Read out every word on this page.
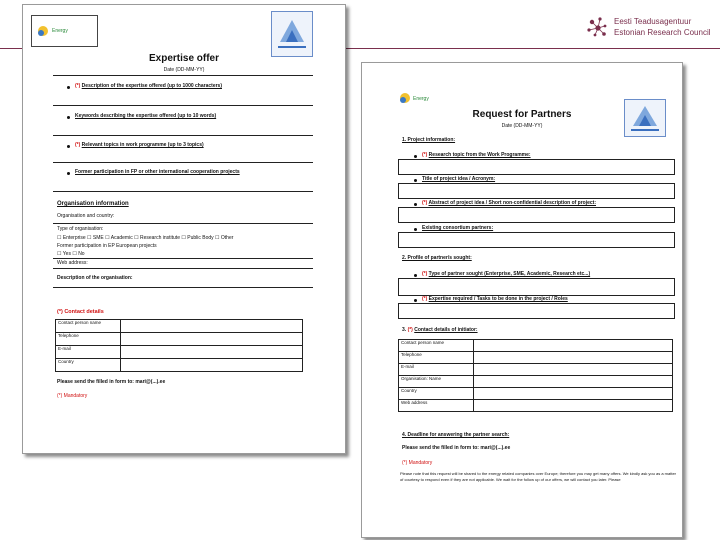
Eesti Teadusagentuur
Estonian Research Council
Energy
Expertise offer
Date (DD-MM-YY)
(*) Description of the expertise offered (up to 1000 characters)
Keywords describing the expertise offered (up to 10 words)
(*) Relevant topics in work programme (up to 3 topics)
Former participation in FP or other international cooperation projects
Organisation information
Organisation and country:
Type of organisation:
☐ Enterprise ☐ SME ☐ Academic ☐ Research institute ☐ Public Body ☐ Other
Former participation in EP European projects
☐ Yes ☐ No
Web address:
Description of the organisation:
(*) Contact details
Contact person name	
Telephone	
E-mail	
Country	
Please send the filled in form to: mari@(...).ee
(*) Mandatory
Energy
Request for Partners
Date (DD-MM-YY)
1. Project information:
(*) Research topic from the Work Programme:
Title of project idea / Acronym:
(*) Abstract of project idea / Short non-confidential description of project:
Existing consortium partners:
2. Profile of partner/s sought:
(*) Type of partner sought (Enterprise, SME, Academic, Research etc...)
(*) Expertise required / Tasks to be done in the project / Roles
3. (*) Contact details of initiator:
Contact person name	
Telephone	
E-mail	
Organisation: Name	
Country	
Web address	
4. Deadline for answering the partner search:
Please send the filled in form to: mari@(...).ee
(*) Mandatory
Please note that this request will be shared to the energy related companies over Europe; therefore you may get many offers. We kindly ask you as a matter of courtesy to respond even if they are not applicable. We wait for the follow up of our offers, we will contact you later. Please
